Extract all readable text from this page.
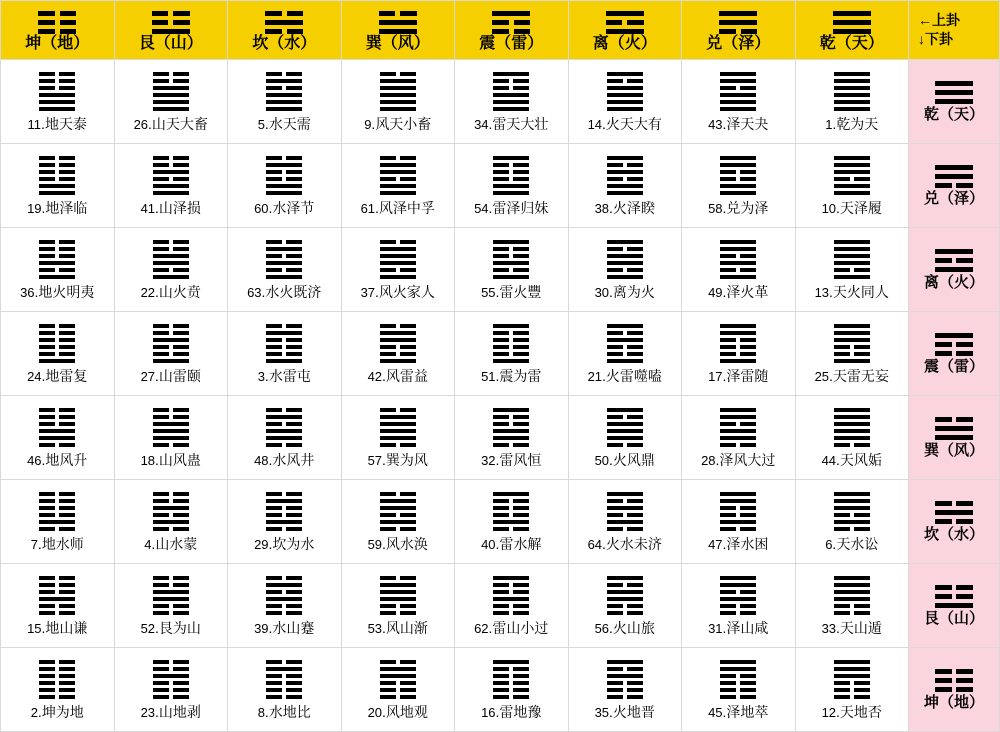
坤（地）	艮（山）	坎（水）	巽（风）	震（雷）	离（火）	兑（泽）	乾（天）	←上卦
↓下卦

11.地天泰	26.山天大畜	5.水天需	9.风天小畜	34.雷天大壮	14.火天大有	43.泽天夬	1.乾为天	乾（天）

19.地泽临	41.山泽损	60.水泽节	61.风泽中孚	54.雷泽归妹	38.火泽睽	58.兑为泽	10.天泽履	兑（泽）

36.地火明夷	22.山火贲	63.水火既济	37.风火家人	55.雷火豐	30.离为火	49.泽火革	13.天火同人	离（火）

24.地雷复	27.山雷颐	3.水雷屯	42.风雷益	51.震为雷	21.火雷噬嗑	17.泽雷随	25.天雷无妄	震（雷）

46.地风升	18.山风蛊	48.水风井	57.巽为风	32.雷风恒	50.火风鼎	28.泽风大过	44.天风姤	巽（风）

7.地水师	4.山水蒙	29.坎为水	59.风水涣	40.雷水解	64.火水未济	47.泽水困	6.天水讼	坎（水）

15.地山谦	52.艮为山	39.水山蹇	53.风山渐	62.雷山小过	56.火山旅	31.泽山咸	33.天山遁	艮（山）

2.坤为地	23.山地剥	8.水地比	20.风地观	16.雷地豫	35.火地晋	45.泽地萃	12.天地否	坤（地）
